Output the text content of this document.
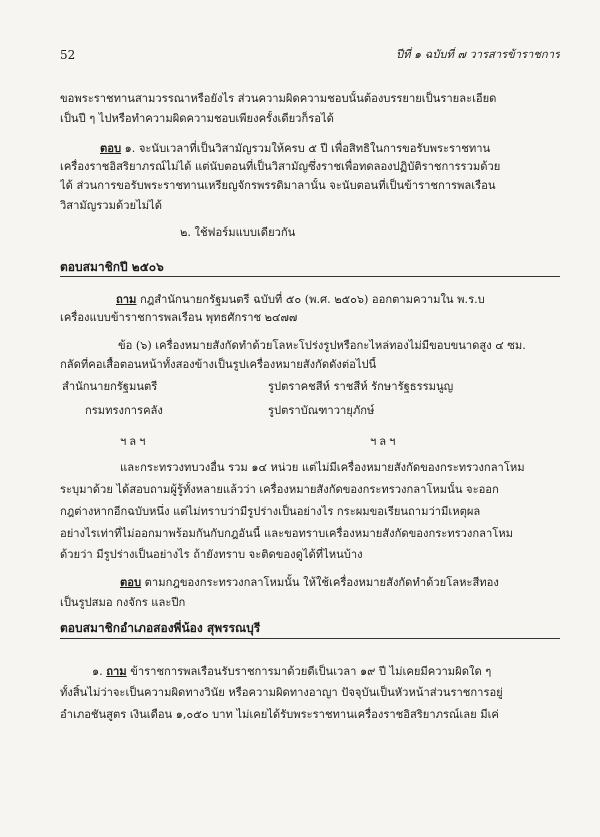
52	ปีที่ ๑ ฉบับที่ ๗ วารสารข้าราชการ
ขอพระราชทานสามวรรณาหรือยังไร ส่วนความผิดความชอบนั้นต้องบรรยายเป็นรายละเอียด
เป็นปี ๆ ไปหรือทำความผิดความชอบเพียงครั้งเดียวก็รอได้
ตอบ ๑. จะนับเวลาที่เป็นวิสามัญรวมให้ครบ ๕ ปี เพื่อสิทธิในการขอรับพระราชทาน
เครื่องราชอิสริยาภรณ์ไม่ได้ แต่นับตอนที่เป็นวิสามัญซึ่งราชเพื่อทดลองปฏิบัติราชการรวมด้วย
ได้ ส่วนการขอรับพระราชทานเหรียญจักรพรรดิมาลานั้น จะนับตอนที่เป็นข้าราชการพลเรือน
วิสามัญรวมด้วยไม่ได้
๒. ใช้ฟอร์มแบบเดียวกัน
ตอบสมาชิกปี ๒๕๐๖
ถาม กฎสำนักนายกรัฐมนตรี ฉบับที่ ๕๐ (พ.ศ. ๒๕๐๖) ออกตามความใน พ.ร.บ
เครื่องแบบข้าราชการพลเรือน พุทธศักราช ๒๔๗๗
ข้อ (๖) เครื่องหมายสังกัดทำด้วยโลหะโปร่งรูปหรือกะไหล่ทองไม่มีขอบขนาดสูง ๔ ซม.
กลัดที่คอเสื้อตอนหน้าทั้งสองข้างเป็นรูปเครื่องหมายสังกัดดังต่อไปนี้
สำนักนายกรัฐมนตรี	รูปตราคชสีห์ ราชสีห์ รักษารัฐธรรมนูญ
กรมทรงการคลัง	รูปตราบัณฑาวายุภักษ์
ฯลฯ	ฯลฯ
และกระทรวงทบวงอื่น รวม ๑๔ หน่วย แต่ไม่มีเครื่องหมายสังกัดของกระทรวงกลาโหม
ระบุมาด้วย ได้สอบถามผู้รู้ทั้งหลายแล้วว่า เครื่องหมายสังกัดของกระทรวงกลาโหมนั้น จะออก
กฎต่างหากอีกฉบับหนึ่ง แต่ไม่ทราบว่ามีรูปร่างเป็นอย่างไร กระผมขอเรียนถามว่ามีเหตุผล
อย่างไรเท่าที่ไม่ออกมาพร้อมกันกับกฎอันนี้ และขอทราบเครื่องหมายสังกัดของกระทรวงกลาโหม
ด้วยว่า มีรูปร่างเป็นอย่างไร ถ้ายังทราบ จะติดของดูได้ที่ไหนบ้าง
ตอบ ตามกฎของกระทรวงกลาโหมนั้น ให้ใช้เครื่องหมายสังกัดทำด้วยโลหะสีทอง
เป็นรูปสมอ กงจักร และปีก
ตอบสมาชิกอำเภอสองพี่น้อง สุพรรณบุรี
๑. ถาม ข้าราชการพลเรือนรับราชการมาด้วยดีเป็นเวลา ๑๙ ปี ไม่เคยมีความผิดใด ๆ
ทั้งสิ้นไม่ว่าจะเป็นความผิดทางวินัย หรือความผิดทางอาญา ปัจจุบันเป็นหัวหน้าส่วนราชการอยู่
อำเภอชันสูตร เงินเดือน ๑,๐๕๐ บาท ไม่เคยได้รับพระราชทานเครื่องราชอิสริยาภรณ์เลย มีเค่
